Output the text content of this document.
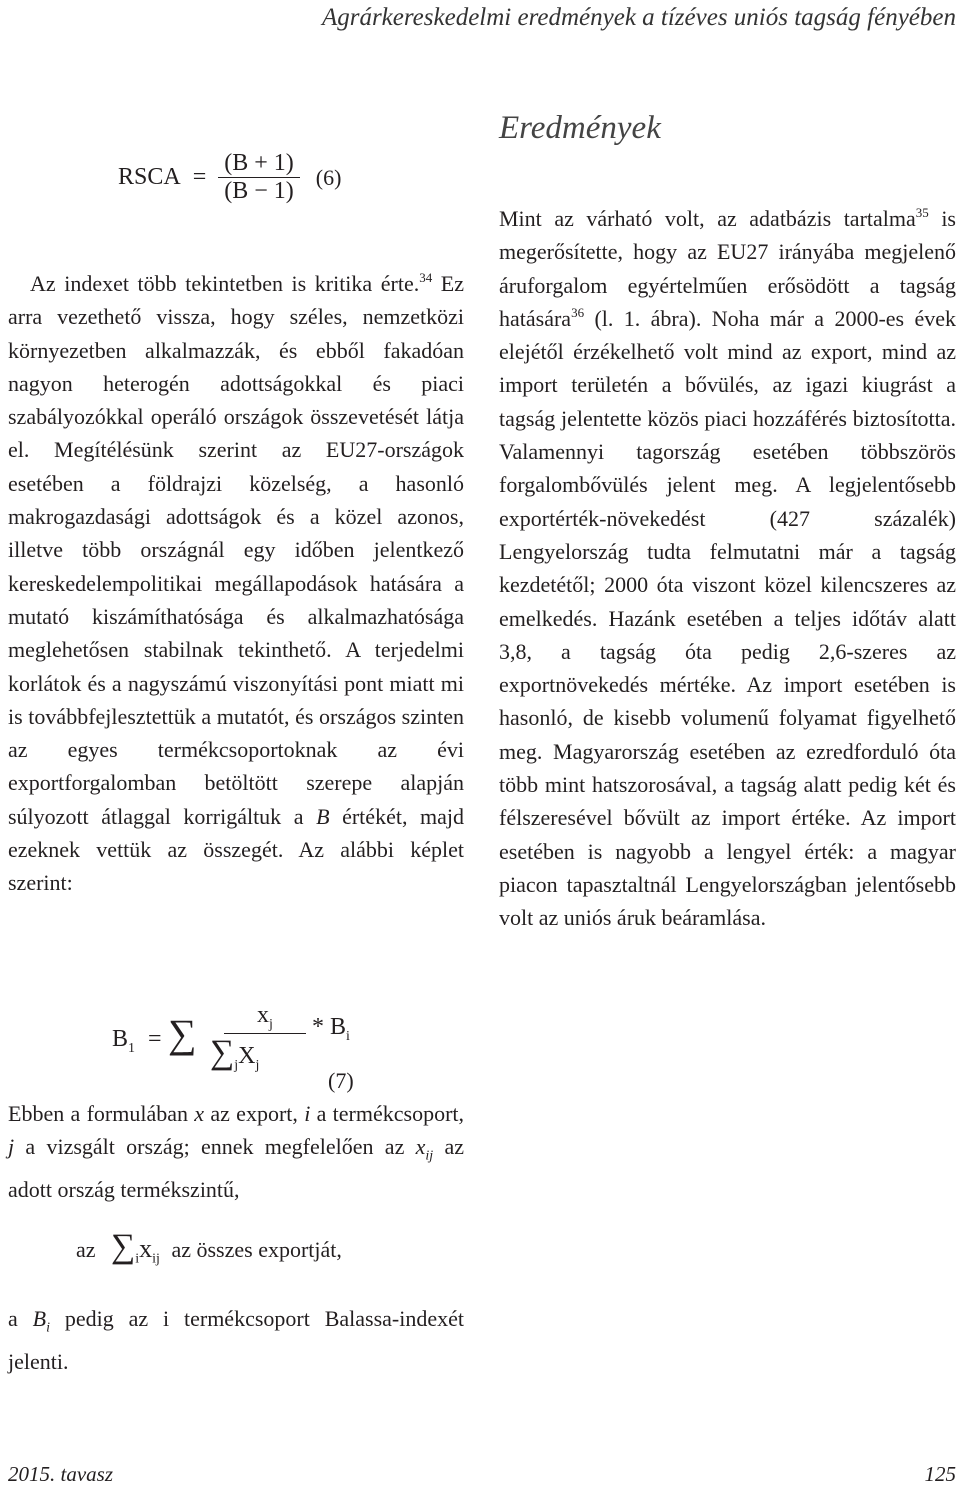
Agrárkereskedelmi eredmények a tízéves uniós tagság fényében
RSCA = $\frac{(B + 1)}{(B - 1)} (6)$

Az indexet több tekintetben is kritika érte.$^{34}$ Ez arra vezethető vissza, hogy széles, nemzetközi környezetben alkalmazzák, és ebből fakadóan nagyon heterogén adottságokkal és piaci szabályozókkal operáló országok összevetését látja el. Megítélésünk szerint az EU27-országok esetében a földrajzi közelség, a hasonló makrogazdasági adottságok és a közel azonos, illetve több országnál egy időben jelentkező kereskedelempolitikai megállapodások hatására a mutató kiszámíthatósága és alkalmazhatósága meglehetősen stabilnak tekinthető. A terjedelmi korlátok és a nagyszámú viszonyítási pont miatt mi is továbbfejlesztettük a mutatót, és országos szinten az egyes termékcsoportoknak az évi exportforgalomban betöltött szerepe alapján súlyozott átlaggal korrigáltuk a B értékét, majd ezeknek vettük az összegét. Az alábbi képlet szerint:

$B_1$ = ∑	$x_j$
$\sum_jX_j$
* $B_i$
(7)

Ebben a formulában x az export, i a termékcsoport, j a vizsgált ország; ennek megfelelően az $x_{ij}$ az adott ország termékszintű,

az $\sum_ix_{ij}$ az összes exportját,

a $B_i$ pedig az i termékcsoport Balassa-indexét jelenti.

Eredmények

Mint az várható volt, az adatbázis tartalma$^{35}$ is megerősítette, hogy az EU27 irányába megjelenő áruforgalom egyértelműen erősödött a tagság hatására$^{36}$ (l. 1. ábra). Noha már a 2000-es évek elejétől érzékelhető volt mind az export, mind az import területén a bővülés, az igazi kiugrást a tagság jelentette közös piaci hozzáférés biztosította. Valamennyi tagország esetében többszörös forgalombővülés jelent meg. A legjelentősebb exportérték-növekedést (427 százalék) Lengyelország tudta felmutatni már a tagság kezdetétől; 2000 óta viszont közel kilencszeres az emelkedés. Hazánk esetében a teljes időtáv alatt 3,8, a tagság óta pedig 2,6-szeres az exportnövekedés mértéke. Az import esetében is hasonló, de kisebb volumenű folyamat figyelhető meg. Magyarország esetében az ezredforduló óta több mint hatszorosával, a tagság alatt pedig két és félszeresével bővült az import értéke. Az import esetében is nagyobb a lengyel érték: a magyar piacon tapasztaltnál Lengyelországban jelentősebb volt az uniós áruk beáramlása.

2015. tavasz	125
